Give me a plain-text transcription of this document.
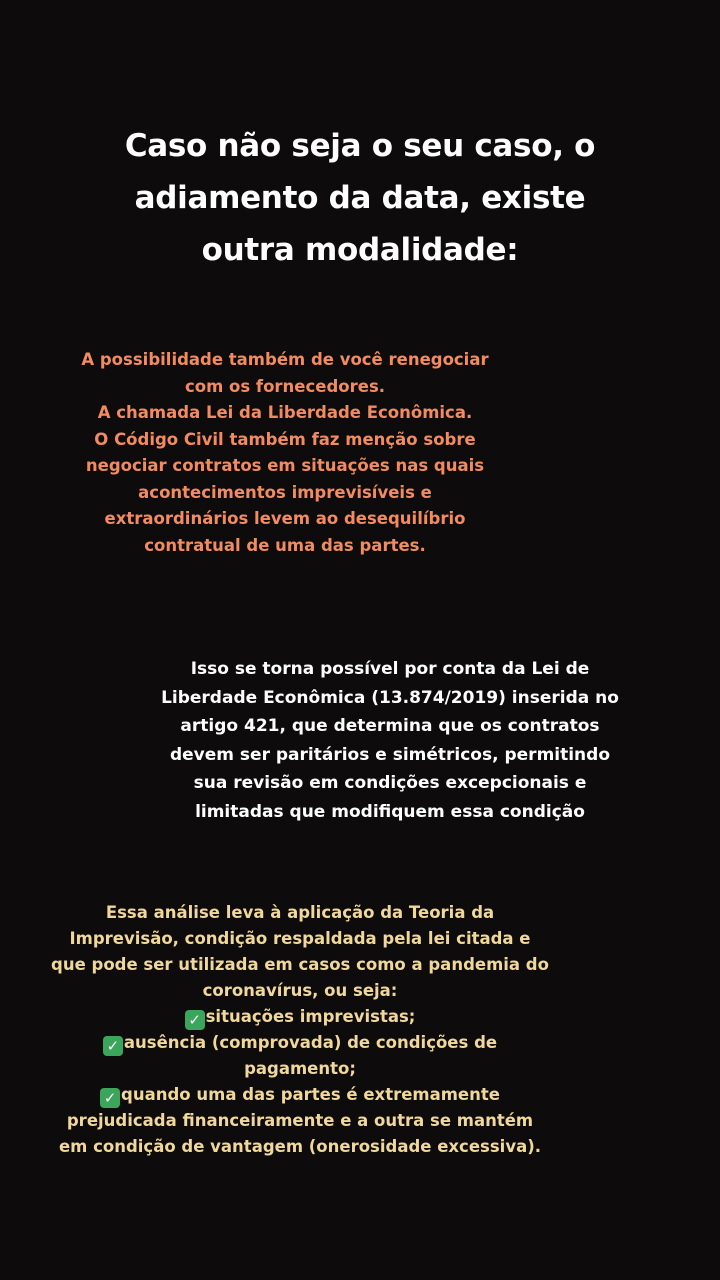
Caso não seja o seu caso, o
adiamento da data, existe
outra modalidade:
A possibilidade também de você renegociar
com os fornecedores.
A chamada Lei da Liberdade Econômica.
O Código Civil também faz menção sobre
negociar contratos em situações nas quais
acontecimentos imprevisíveis e
extraordinários levem ao desequilíbrio
contratual de uma das partes.
Isso se torna possível por conta da Lei de
Liberdade Econômica (13.874/2019) inserida no
artigo 421, que determina que os contratos
devem ser paritários e simétricos, permitindo
sua revisão em condições excepcionais e
limitadas que modifiquem essa condição
Essa análise leva à aplicação da Teoria da
Imprevisão, condição respaldada pela lei citada e
que pode ser utilizada em casos como a pandemia do
coronavírus, ou seja:
✓ situações imprevistas;
✓ ausência (comprovada) de condições de
pagamento;
✓ quando uma das partes é extremamente
prejudicada financeiramente e a outra se mantém
em condição de vantagem (onerosidade excessiva).
